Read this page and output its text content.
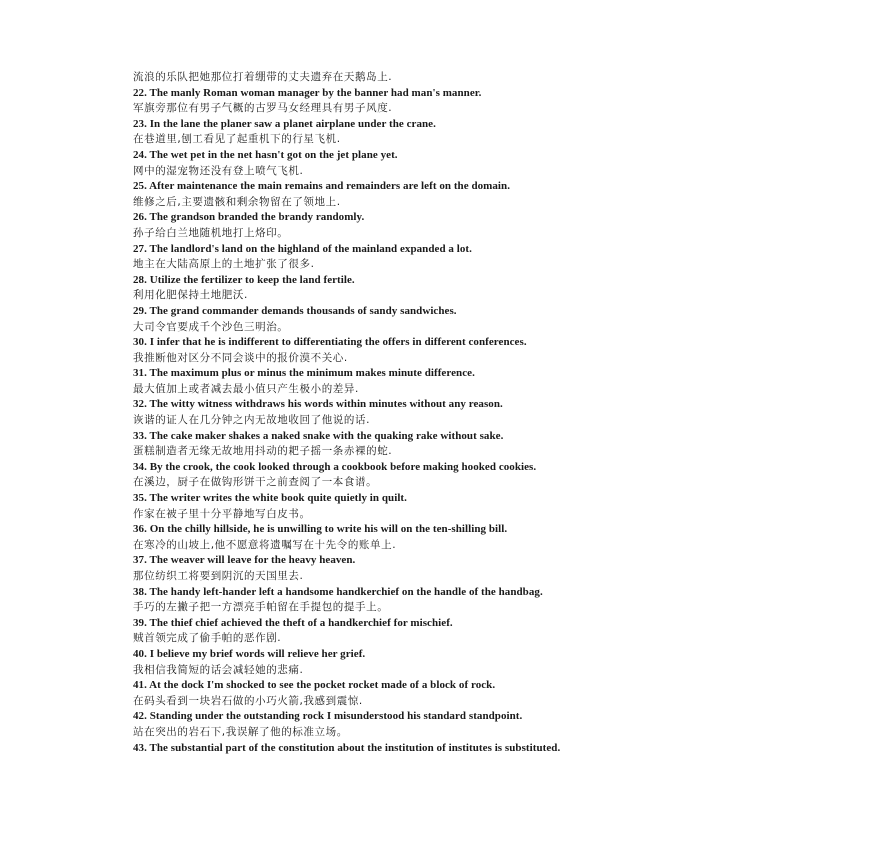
流浪的乐队把她那位打着绷带的丈夫遗弃在天鹅岛上.
22. The manly Roman woman manager by the banner had man's manner.
军旗旁那位有男子气概的古罗马女经理具有男子风度.
23. In the lane the planer saw a planet airplane under the crane.
在巷道里,刨工看见了起重机下的行星飞机.
24. The wet pet in the net hasn't got on the jet plane yet.
网中的湿宠物还没有登上喷气飞机.
25. After maintenance the main remains and remainders are left on the domain.
维修之后,主要遗骸和剩余物留在了领地上.
26. The grandson branded the brandy randomly.
孙子给白兰地随机地打上烙印。
27. The landlord's land on the highland of the mainland expanded a lot.
地主在大陆高原上的土地扩张了很多.
28. Utilize the fertilizer to keep the land fertile.
利用化肥保持土地肥沃.
29. The grand commander demands thousands of sandy sandwiches.
大司令官要成千个沙色三明治。
30. I infer that he is indifferent to differentiating the offers in different conferences.
我推断他对区分不同会谈中的报价漠不关心.
31. The maximum plus or minus the minimum makes minute difference.
最大值加上或者减去最小值只产生极小的差异.
32. The witty witness withdraws his words within minutes without any reason.
诙谐的证人在几分钟之内无故地收回了他说的话.
33. The cake maker shakes a naked snake with the quaking rake without sake.
蛋糕制造者无缘无故地用抖动的耙子摇一条赤裸的蛇.
34. By the crook, the cook looked through a cookbook before making hooked cookies.
在溪边，厨子在做钩形饼干之前查阅了一本食谱。
35. The writer writes the white book quite quietly in quilt.
作家在被子里十分平静地写白皮书。
36. On the chilly hillside, he is unwilling to write his will on the ten-shilling bill.
在寒冷的山坡上,他不愿意将遗嘱写在十先令的账单上.
37. The weaver will leave for the heavy heaven.
那位纺织工将要到阴沉的天国里去.
38. The handy left-hander left a handsome handkerchief on the handle of the handbag.
手巧的左撇子把一方漂亮手帕留在手提包的提手上。
39. The thief chief achieved the theft of a handkerchief for mischief.
贼首领完成了偷手帕的恶作剧.
40. I believe my brief words will relieve her grief.
我相信我简短的话会减轻她的悲痛.
41. At the dock I'm shocked to see the pocket rocket made of a block of rock.
在码头看到一块岩石做的小巧火箭,我感到震惊.
42. Standing under the outstanding rock I misunderstood his standard standpoint.
站在突出的岩石下,我误解了他的标准立场。
43. The substantial part of the constitution about the institution of institutes is substituted.
